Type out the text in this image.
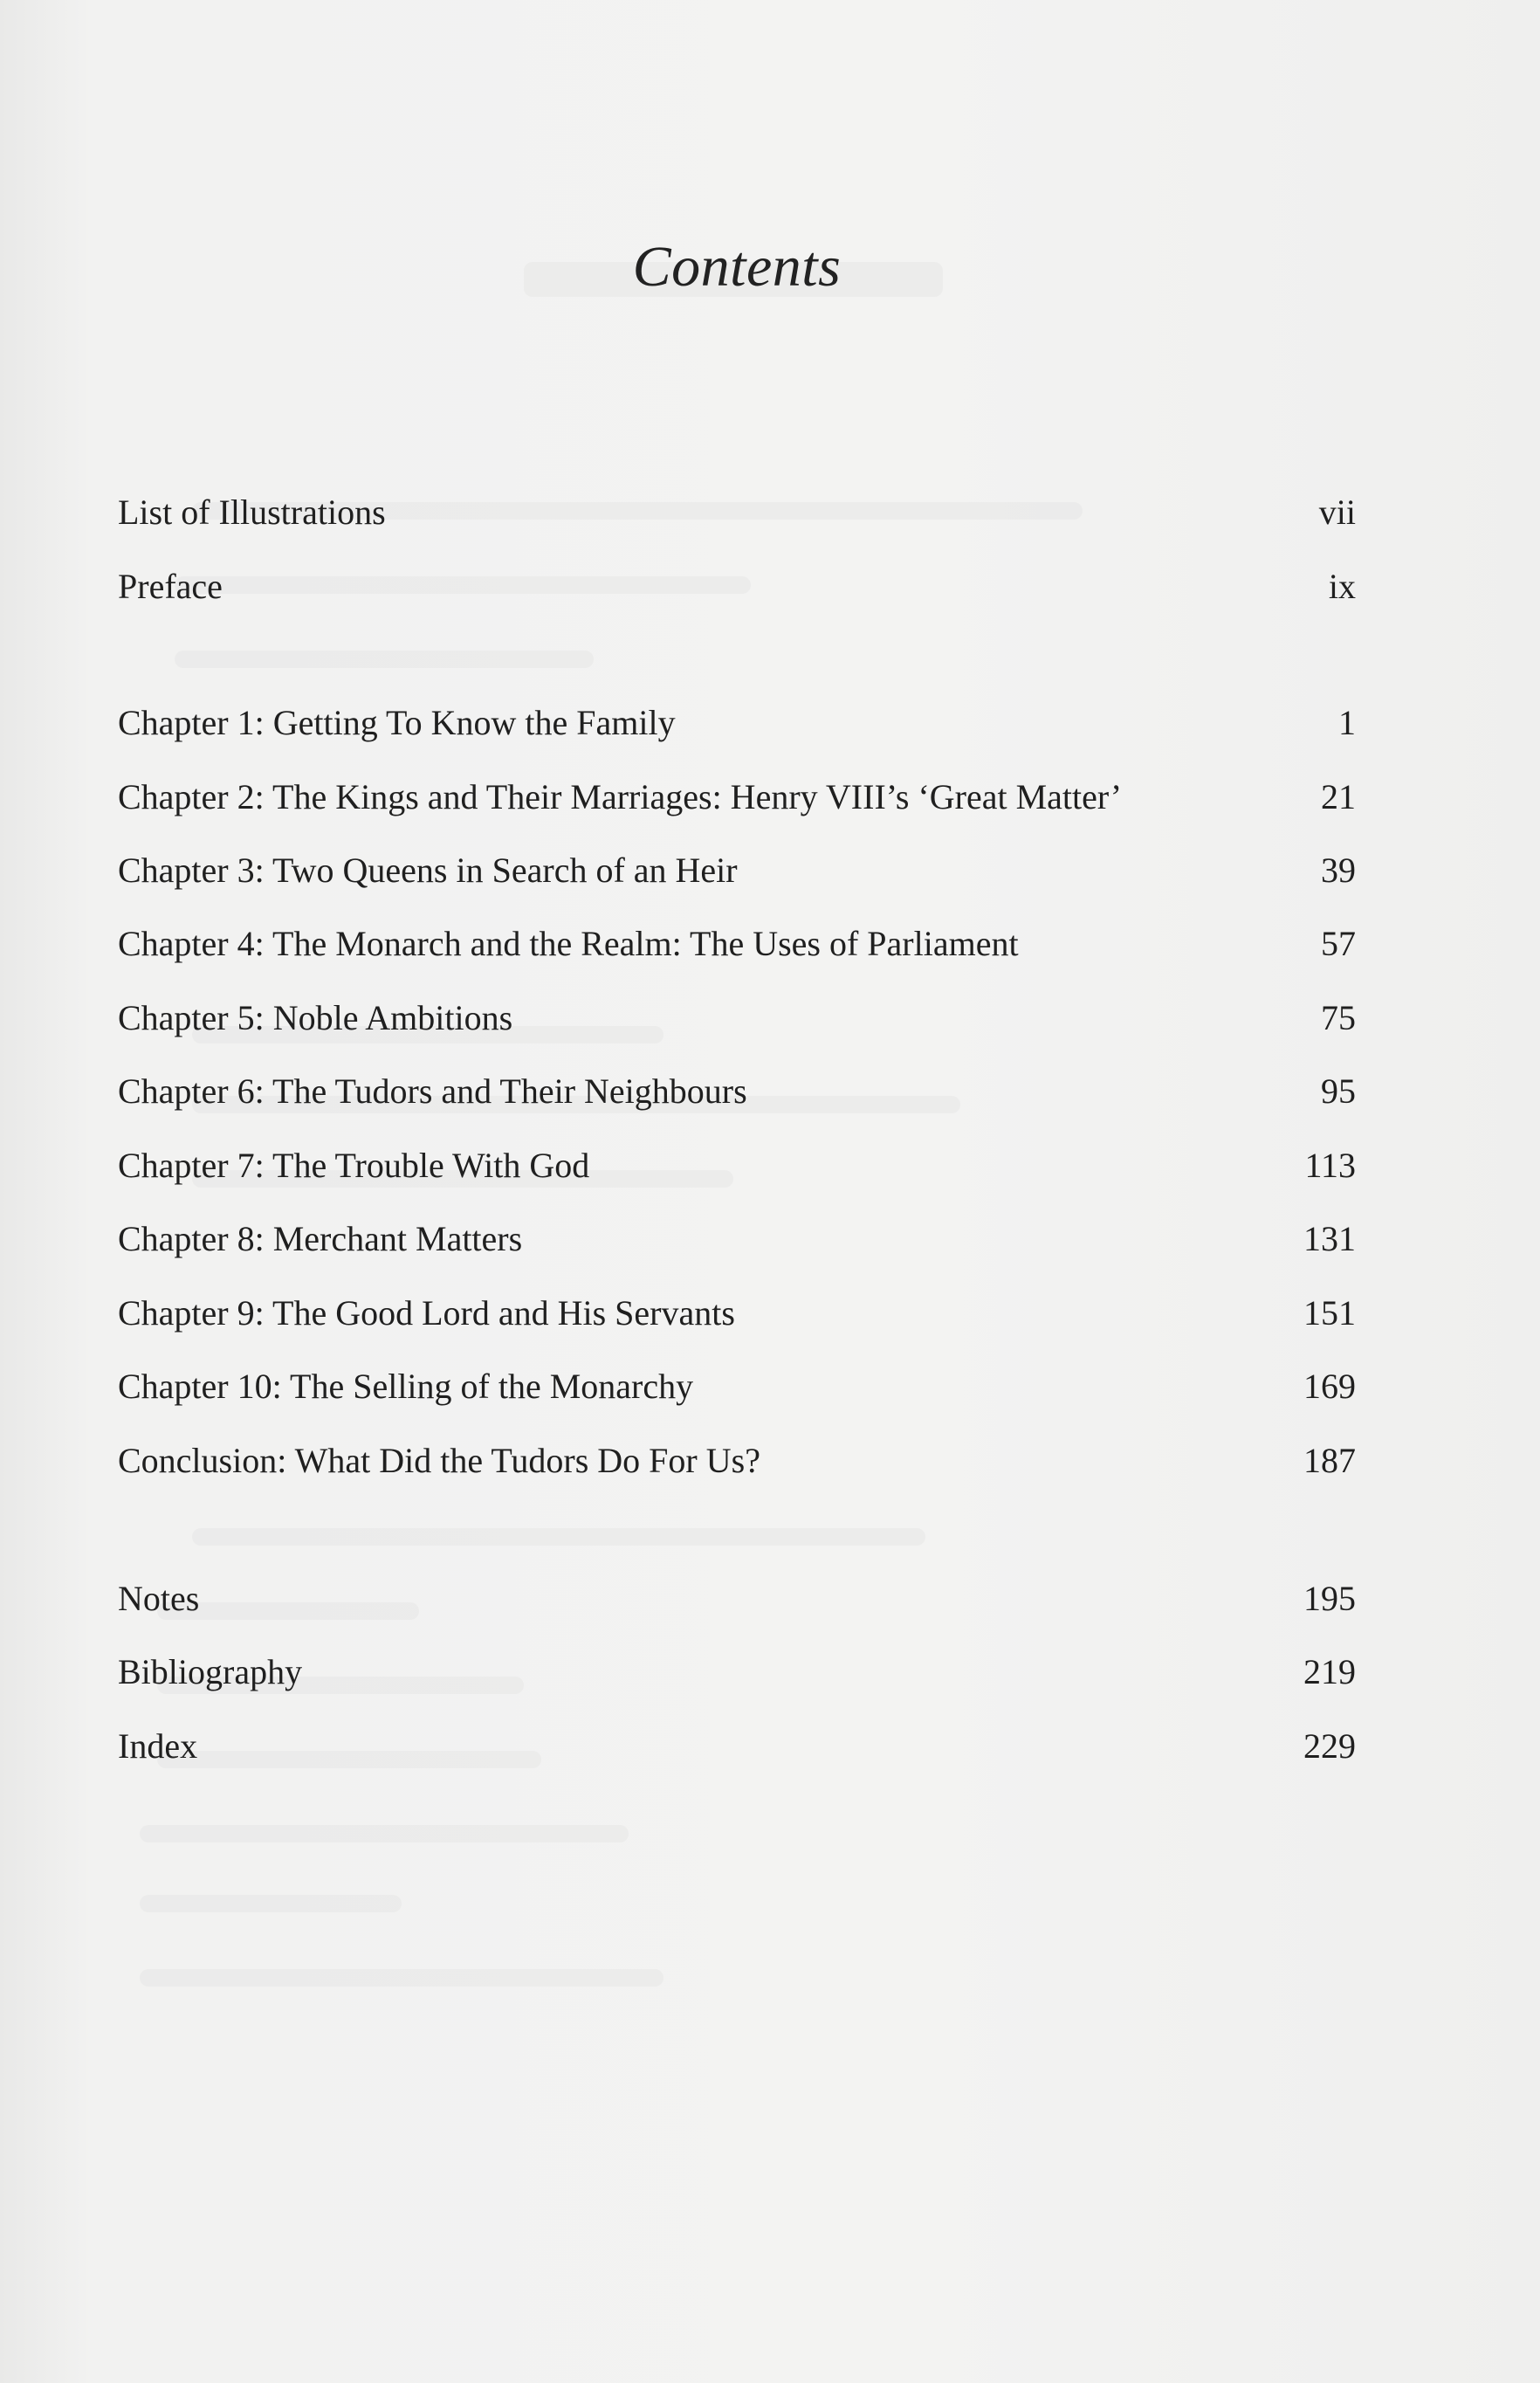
Contents
List of Illustrations	vii
Preface	ix
Chapter 1: Getting To Know the Family	1
Chapter 2: The Kings and Their Marriages: Henry VIII’s ‘Great Matter’	21
Chapter 3: Two Queens in Search of an Heir	39
Chapter 4: The Monarch and the Realm: The Uses of Parliament	57
Chapter 5: Noble Ambitions	75
Chapter 6: The Tudors and Their Neighbours	95
Chapter 7: The Trouble With God	113
Chapter 8: Merchant Matters	131
Chapter 9: The Good Lord and His Servants	151
Chapter 10: The Selling of the Monarchy	169
Conclusion: What Did the Tudors Do For Us?	187
Notes	195
Bibliography	219
Index	229
